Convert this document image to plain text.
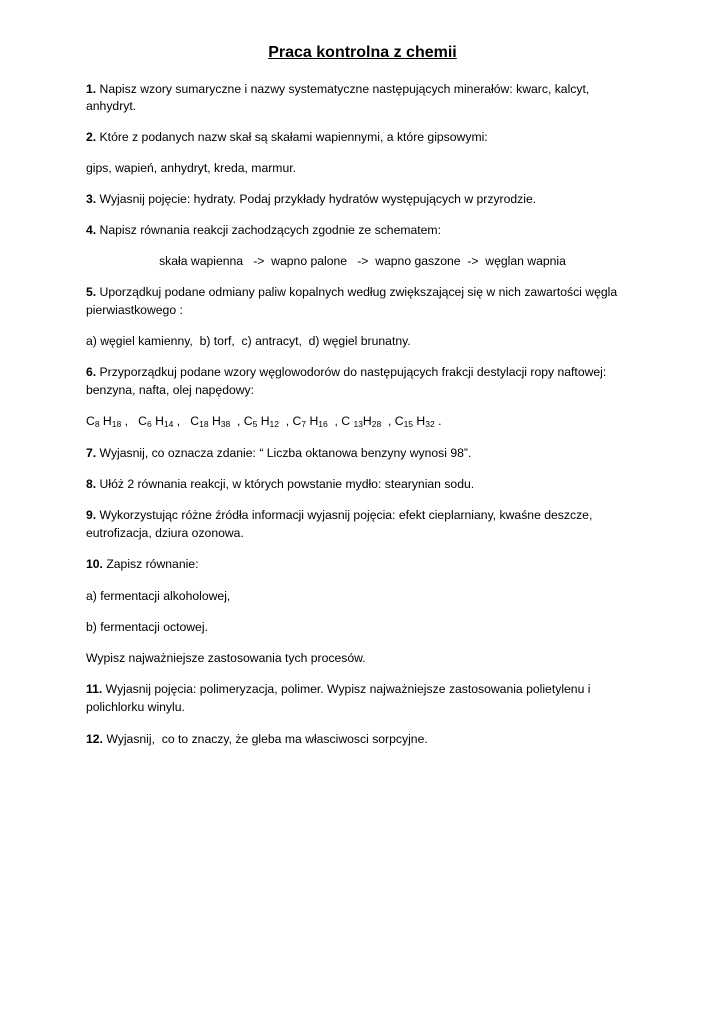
Praca kontrolna z chemii
1. Napisz wzory sumaryczne i nazwy systematyczne następujących minerałów: kwarc, kalcyt,
anhydryt.
2. Które z podanych nazw skał są skałami wapiennymi, a które gipsowymi:
gips, wapień, anhydryt, kreda, marmur.
3. Wyjasnij pojęcie: hydraty. Podaj przykłady hydratów występujących w przyrodzie.
4. Napisz równania reakcji zachodzących zgodnie ze schematem:
skała wapienna   ->  wapno palone   ->  wapno gaszone  ->  węglan wapnia
5. Uporządkuj podane odmiany paliw kopalnych według zwiększającej się w nich zawartości węgla
pierwiastkowego :
a) węgiel kamienny,  b) torf,  c) antracyt,  d) węgiel brunatny.
6. Przyporządkuj podane wzory węglowodorów do następujących frakcji destylacji ropy naftowej:
benzyna, nafta, olej napędowy:
$C_8$ $H_{18}$ ,   $C_6$ $H_{14}$ ,   $C_{18}$ $H_{38}$  , $C_5$ $H_{12}$  , $C_7$ $H_{16}$  , C $_{13}H_{28}$  , $C_{15}$ $H_{32}$ .
7. Wyjasnij, co oznacza zdanie: “ Liczba oktanowa benzyny wynosi 98”.
8. Ułóż 2 równania reakcji, w których powstanie mydło: stearynian sodu.
9. Wykorzystując różne źródła informacji wyjasnij pojęcia: efekt cieplarniany, kwaśne deszcze,
eutrofizacja, dziura ozonowa.
10. Zapisz równanie:
a) fermentacji alkoholowej,
b) fermentacji octowej.
Wypisz najważniejsze zastosowania tych procesów.
11. Wyjasnij pojęcia: polimeryzacja, polimer. Wypisz najważniejsze zastosowania polietylenu i
polichlorku winylu.
12. Wyjasnij,  co to znaczy, że gleba ma własciwosci sorpcyjne.
